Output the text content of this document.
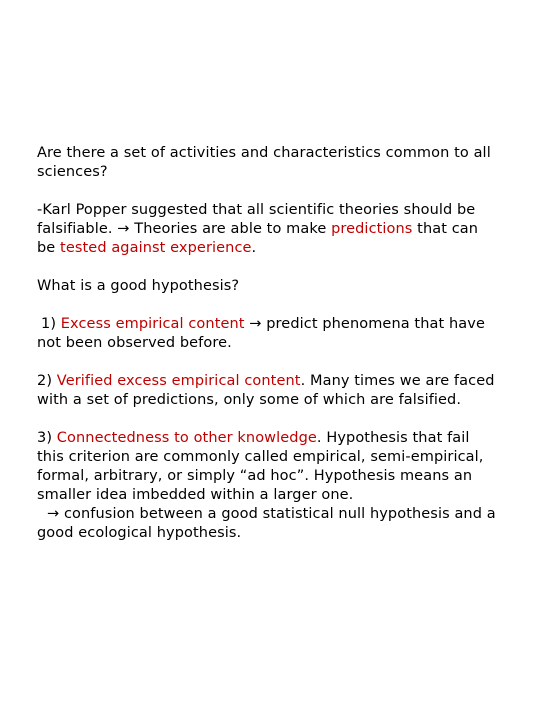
Are there a set of activities and characteristics common to all sciences?

-Karl Popper suggested that all scientific theories should be falsifiable. → Theories are able to make predictions that can be tested against experience.

What is a good hypothesis?

1) Excess empirical content → predict phenomena that have not been observed before.

2) Verified excess empirical content. Many times we are faced with a set of predictions, only some of which are falsified.

3) Connectedness to other knowledge. Hypothesis that fail this criterion are commonly called empirical, semi-empirical, formal, arbitrary, or simply “ad hoc”. Hypothesis means an smaller idea imbedded within a larger one.
→ confusion between a good statistical null hypothesis and a good ecological hypothesis.
